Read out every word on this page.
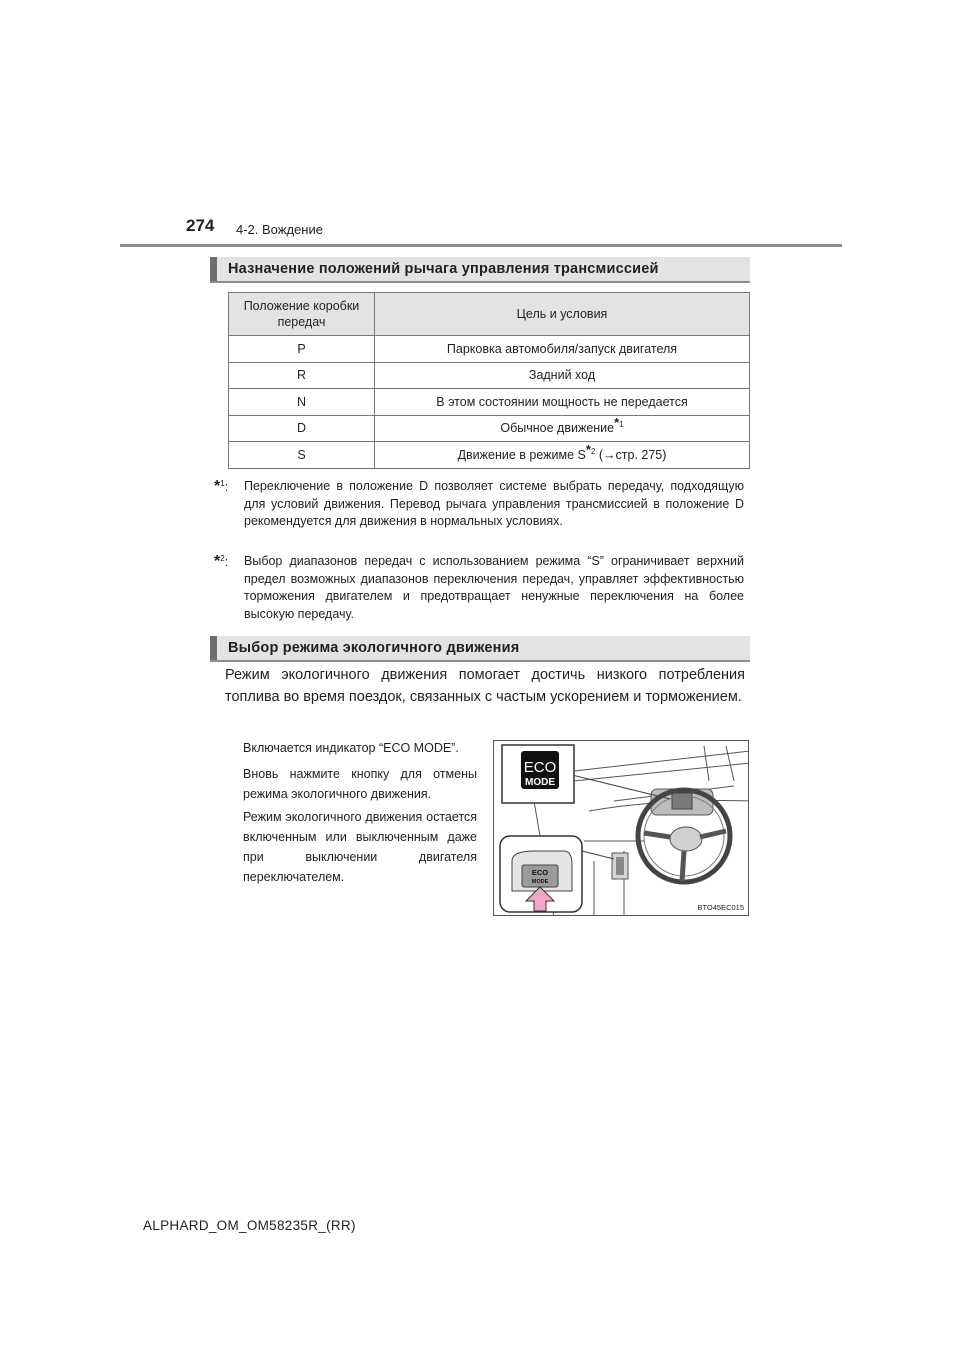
274 4-2. Вождение
Назначение положений рычага управления трансмиссией
Положение коробки передач	Цель и условия
P	Парковка автомобиля/запуск двигателя
R	Задний ход
N	В этом состоянии мощность не передается
D	Обычное движение$^{*1}$
S	Движение в режиме $S^{*2}$ (→стр. 275)
*$^1$: Переключение в положение D позволяет системе выбрать передачу, подходящую для условий движения. Перевод рычага управления трансмиссией в положение D рекомендуется для движения в нормальных условиях.
*$^2$: Выбор диапазонов передач с использованием режима “S” ограничивает верхний предел возможных диапазонов переключения передач, управляет эффективностью торможения двигателем и предотвращает ненужные переключения на более высокую передачу.
Выбор режима экологичного движения
Режим экологичного движения помогает достичь низкого потребления топлива во время поездок, связанных с частым ускорением и торможением.
Включается индикатор “ECO MODE”.
Вновь нажмите кнопку для отмены режима экологичного движения.
Режим экологичного движения остается включенным или выключенным даже при выключении двигателя переключателем.
ECO
MODE
ECO
MODE
BTO45EC015
ALPHARD_OM_OM58235R_(RR)
